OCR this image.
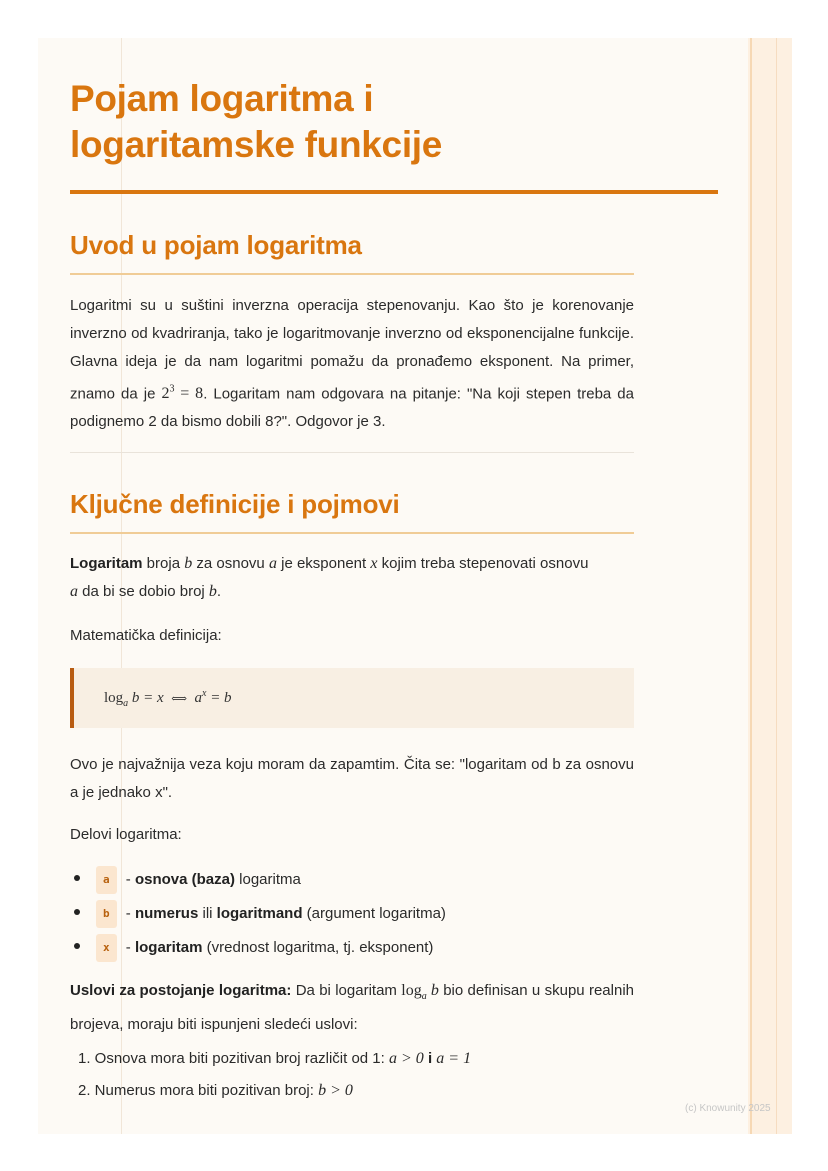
Pojam logaritma i
logaritamske funkcije
Uvod u pojam logaritma

Logaritmi su u suštini inverzna operacija stepenovanju. Kao što je korenovanje inverzno od kvadriranja, tako je logaritmovanje inverzno od eksponencijalne funkcije. Glavna ideja je da nam logaritmi pomažu da pronađemo eksponent. Na primer, znamo da je $2^3 = 8$. Logaritam nam odgovara na pitanje: "Na koji stepen treba da podignemo 2 da bismo dobili 8?". Odgovor je 3.

Ključne definicije i pojmovi

Logaritam broja b za osnovu a je eksponent x kojim treba stepenovati osnovu
a da bi se dobio broj b.

Matematička definicija:

$\log_a b = x$ ⟺ $a^x = b$

Ovo je najvažnija veza koju moram da zapamtim. Čita se: "logaritam od b za osnovu a je jednako x".

Delovi logaritma:

a - osnova (baza) logaritma
b - numerus ili logaritmand (argument logaritma)
x - logaritam (vrednost logaritma, tj. eksponent)

Uslovi za postojanje logaritma: Da bi logaritam $\log_a b$ bio definisan u skupu realnih brojeva, moraju biti ispunjeni sledeći uslovi:

1. Osnova mora biti pozitivan broj različit od 1: a > 0 i a = 1
2. Numerus mora biti pozitivan broj: b > 0
(c) Knowunity 2025
